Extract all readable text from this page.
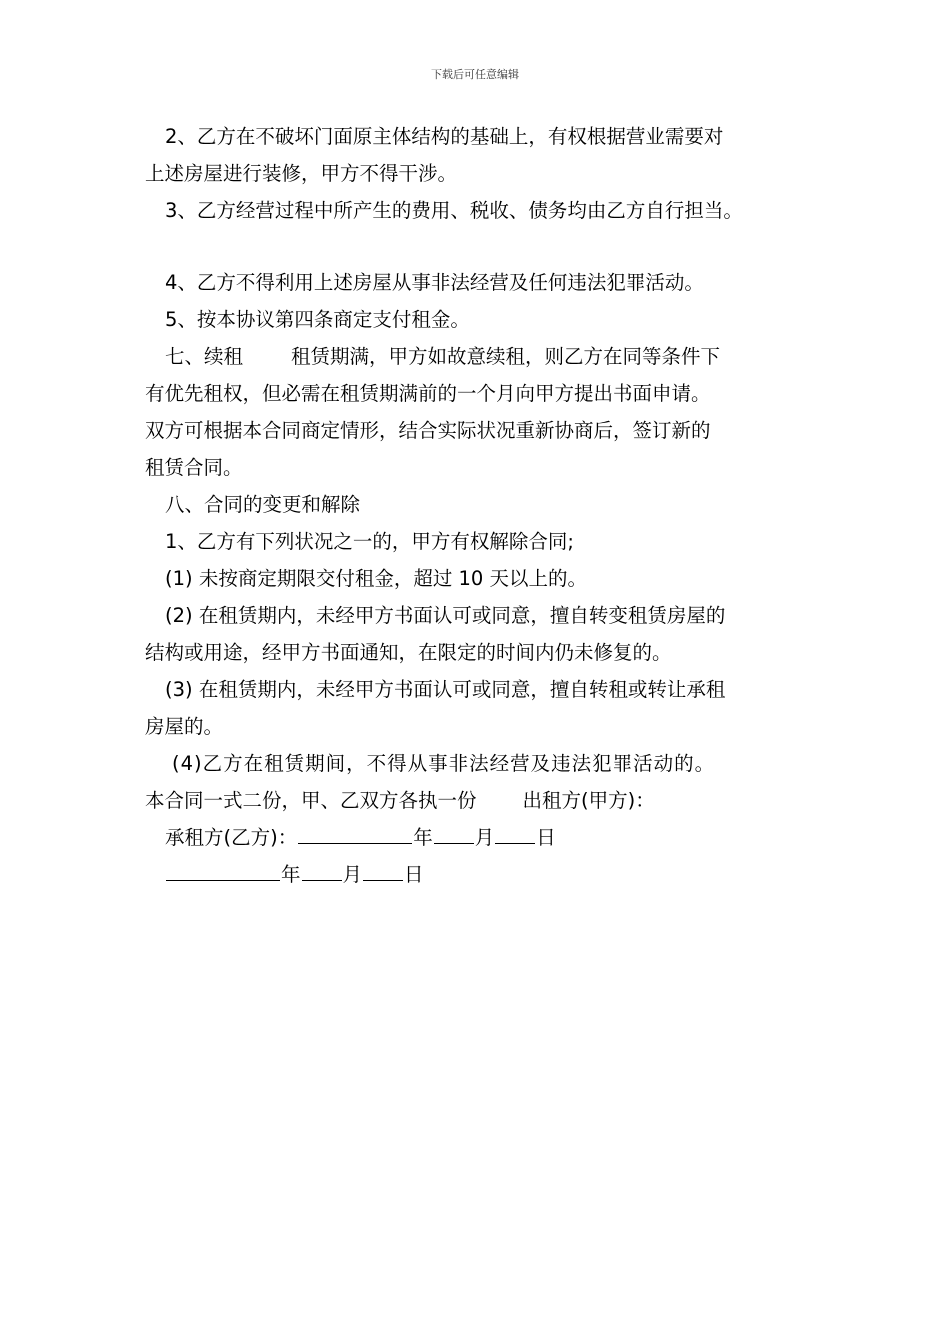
下载后可任意编辑

2、乙方在不破坏门面原主体结构的基础上，有权根据营业需要对

上述房屋进行装修，甲方不得干涉。

3、乙方经营过程中所产生的费用、税收、债务均由乙方自行担当。

4、乙方不得利用上述房屋从事非法经营及任何违法犯罪活动。

5、按本协议第四条商定支付租金。

七、续租 租赁期满，甲方如故意续租，则乙方在同等条件下

有优先租权，但必需在租赁期满前的一个月向甲方提出书面申请。

双方可根据本合同商定情形，结合实际状况重新协商后，签订新的

租赁合同。

八、合同的变更和解除

1、乙方有下列状况之一的，甲方有权解除合同;

(1) 未按商定期限交付租金，超过 10 天以上的。

(2) 在租赁期内，未经甲方书面认可或同意，擅自转变租赁房屋的

结构或用途，经甲方书面通知，在限定的时间内仍未修复的。

(3) 在租赁期内，未经甲方书面认可或同意，擅自转租或转让承租

房屋的。

(4)乙方在租赁期间，不得从事非法经营及违法犯罪活动的。

本合同一式二份，甲、乙双方各执一份 出租方(甲方)：

承租方(乙方)：	年 月 日

年 月 日
